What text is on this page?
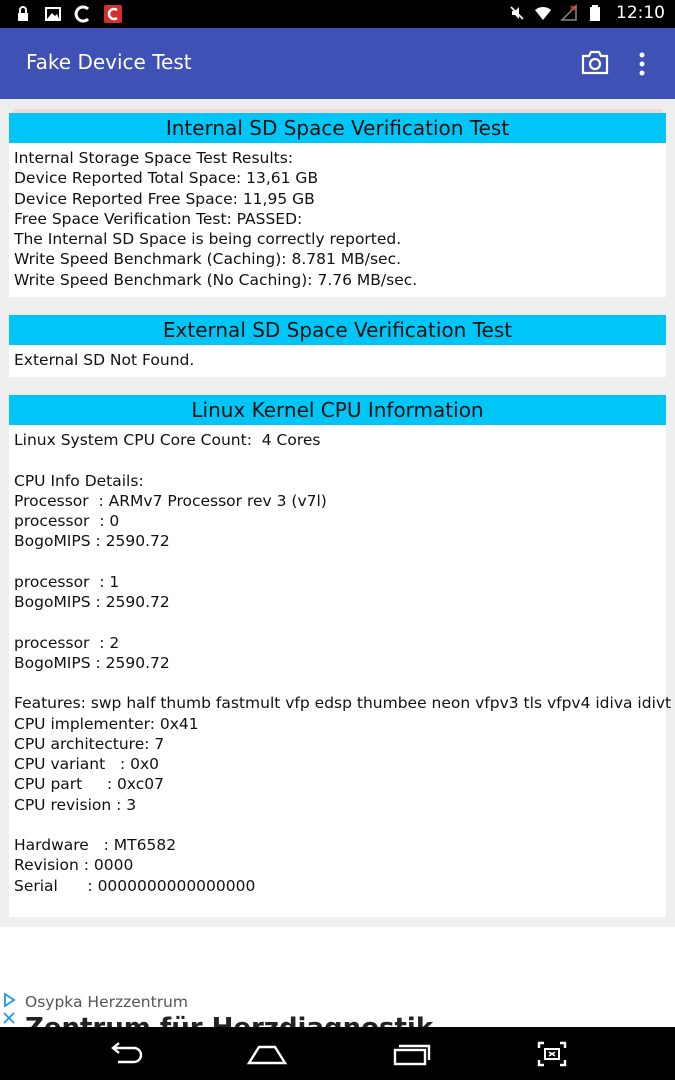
12:10
Fake Device Test
Internal SD Space Verification Test
Internal Storage Space Test Results:
Device Reported Total Space: 13,61 GB
Device Reported Free Space: 11,95 GB
Free Space Verification Test: PASSED:
The Internal SD Space is being correctly reported.
Write Speed Benchmark (Caching): 8.781 MB/sec.
Write Speed Benchmark (No Caching): 7.76 MB/sec.
External SD Space Verification Test
External SD Not Found.
Linux Kernel CPU Information
Linux System CPU Core Count:  4 Cores

CPU Info Details:
Processor  : ARMv7 Processor rev 3 (v7l)
processor  : 0
BogoMIPS : 2590.72

processor  : 1
BogoMIPS : 2590.72

processor  : 2
BogoMIPS : 2590.72

Features: swp half thumb fastmult vfp edsp thumbee neon vfpv3 tls vfpv4 idiva idivt
CPU implementer: 0x41
CPU architecture: 7
CPU variant   : 0x0
CPU part     : 0xc07
CPU revision : 3

Hardware   : MT6582
Revision : 0000
Serial      : 0000000000000000
Osypka Herzzentrum
